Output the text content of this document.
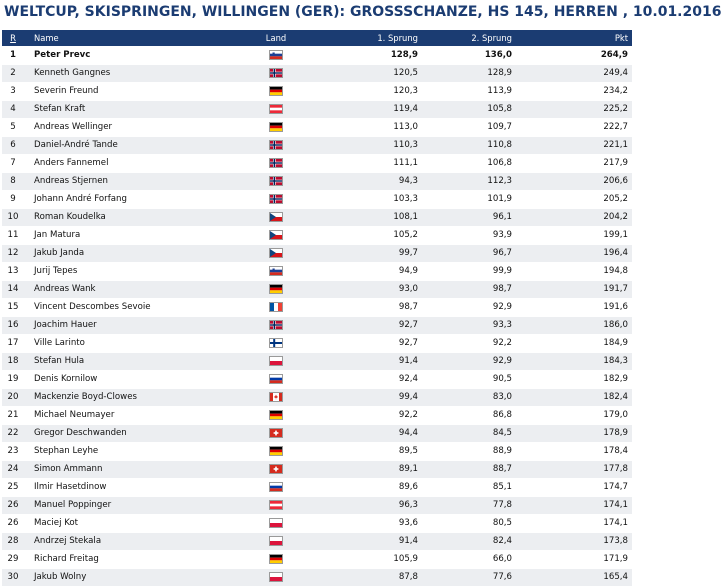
WELTCUP, SKISPRINGEN, WILLINGEN (GER): GROSSSCHANZE, HS 145, HERREN , 10.01.2016
R	Name	Land	1. Sprung	2. Sprung	Pkt
1	Peter Prevc		128,9	136,0	264,9
2	Kenneth Gangnes		120,5	128,9	249,4
3	Severin Freund		120,3	113,9	234,2
4	Stefan Kraft		119,4	105,8	225,2
5	Andreas Wellinger		113,0	109,7	222,7
6	Daniel-André Tande		110,3	110,8	221,1
7	Anders Fannemel		111,1	106,8	217,9
8	Andreas Stjernen		94,3	112,3	206,6
9	Johann André Forfang		103,3	101,9	205,2
10	Roman Koudelka		108,1	96,1	204,2
11	Jan Matura		105,2	93,9	199,1
12	Jakub Janda		99,7	96,7	196,4
13	Jurij Tepes		94,9	99,9	194,8
14	Andreas Wank		93,0	98,7	191,7
15	Vincent Descombes Sevoie		98,7	92,9	191,6
16	Joachim Hauer		92,7	93,3	186,0
17	Ville Larinto		92,7	92,2	184,9
18	Stefan Hula		91,4	92,9	184,3
19	Denis Kornilow		92,4	90,5	182,9
20	Mackenzie Boyd-Clowes		99,4	83,0	182,4
21	Michael Neumayer		92,2	86,8	179,0
22	Gregor Deschwanden		94,4	84,5	178,9
23	Stephan Leyhe		89,5	88,9	178,4
24	Simon Ammann		89,1	88,7	177,8
25	Ilmir Hasetdinow		89,6	85,1	174,7
26	Manuel Poppinger		96,3	77,8	174,1
26	Maciej Kot		93,6	80,5	174,1
28	Andrzej Stekala		91,4	82,4	173,8
29	Richard Freitag		105,9	66,0	171,9
30	Jakub Wolny		87,8	77,6	165,4
